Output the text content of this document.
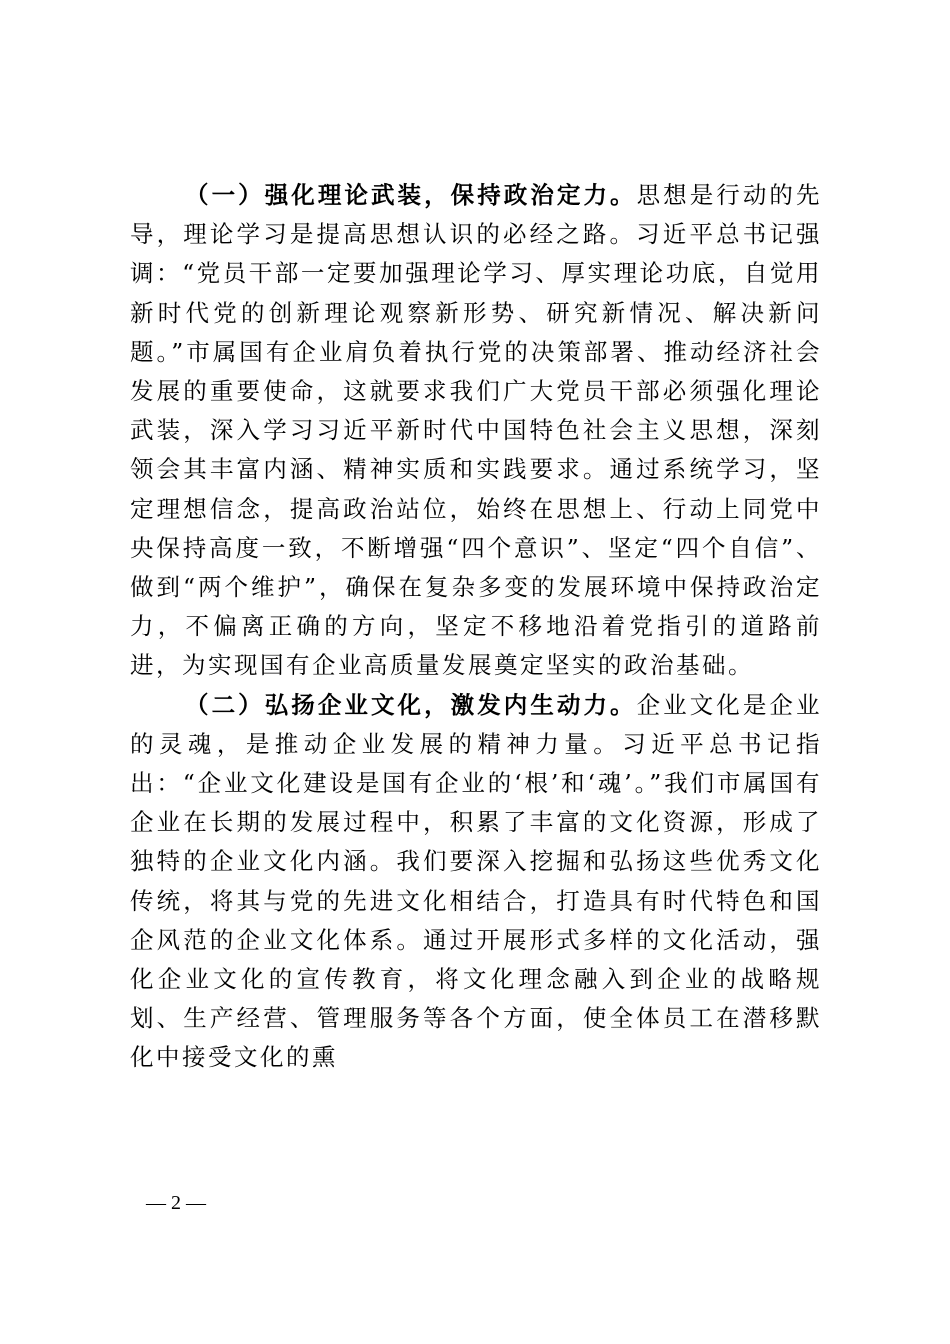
（一）强化理论武装，保持政治定力。思想是行动的先导，理论学习是提高思想认识的必经之路。习近平总书记强调：“党员干部一定要加强理论学习、厚实理论功底，自觉用新时代党的创新理论观察新形势、研究新情况、解决新问题。”市属国有企业肩负着执行党的决策部署、推动经济社会发展的重要使命，这就要求我们广大党员干部必须强化理论武装，深入学习习近平新时代中国特色社会主义思想，深刻领会其丰富内涵、精神实质和实践要求。通过系统学习，坚定理想信念，提高政治站位，始终在思想上、行动上同党中央保持高度一致，不断增强“四个意识”、坚定“四个自信”、做到“两个维护”，确保在复杂多变的发展环境中保持政治定力，不偏离正确的方向，坚定不移地沿着党指引的道路前进，为实现国有企业高质量发展奠定坚实的政治基础。

（二）弘扬企业文化，激发内生动力。企业文化是企业的灵魂，是推动企业发展的精神力量。习近平总书记指出：“企业文化建设是国有企业的‘根’和‘魂’。”我们市属国有企业在长期的发展过程中，积累了丰富的文化资源，形成了独特的企业文化内涵。我们要深入挖掘和弘扬这些优秀文化传统，将其与党的先进文化相结合，打造具有时代特色和国企风范的企业文化体系。通过开展形式多样的文化活动，强化企业文化的宣传教育，将文化理念融入到企业的战略规划、生产经营、管理服务等各个方面，使全体员工在潜移默化中接受文化的熏

— 2 —
